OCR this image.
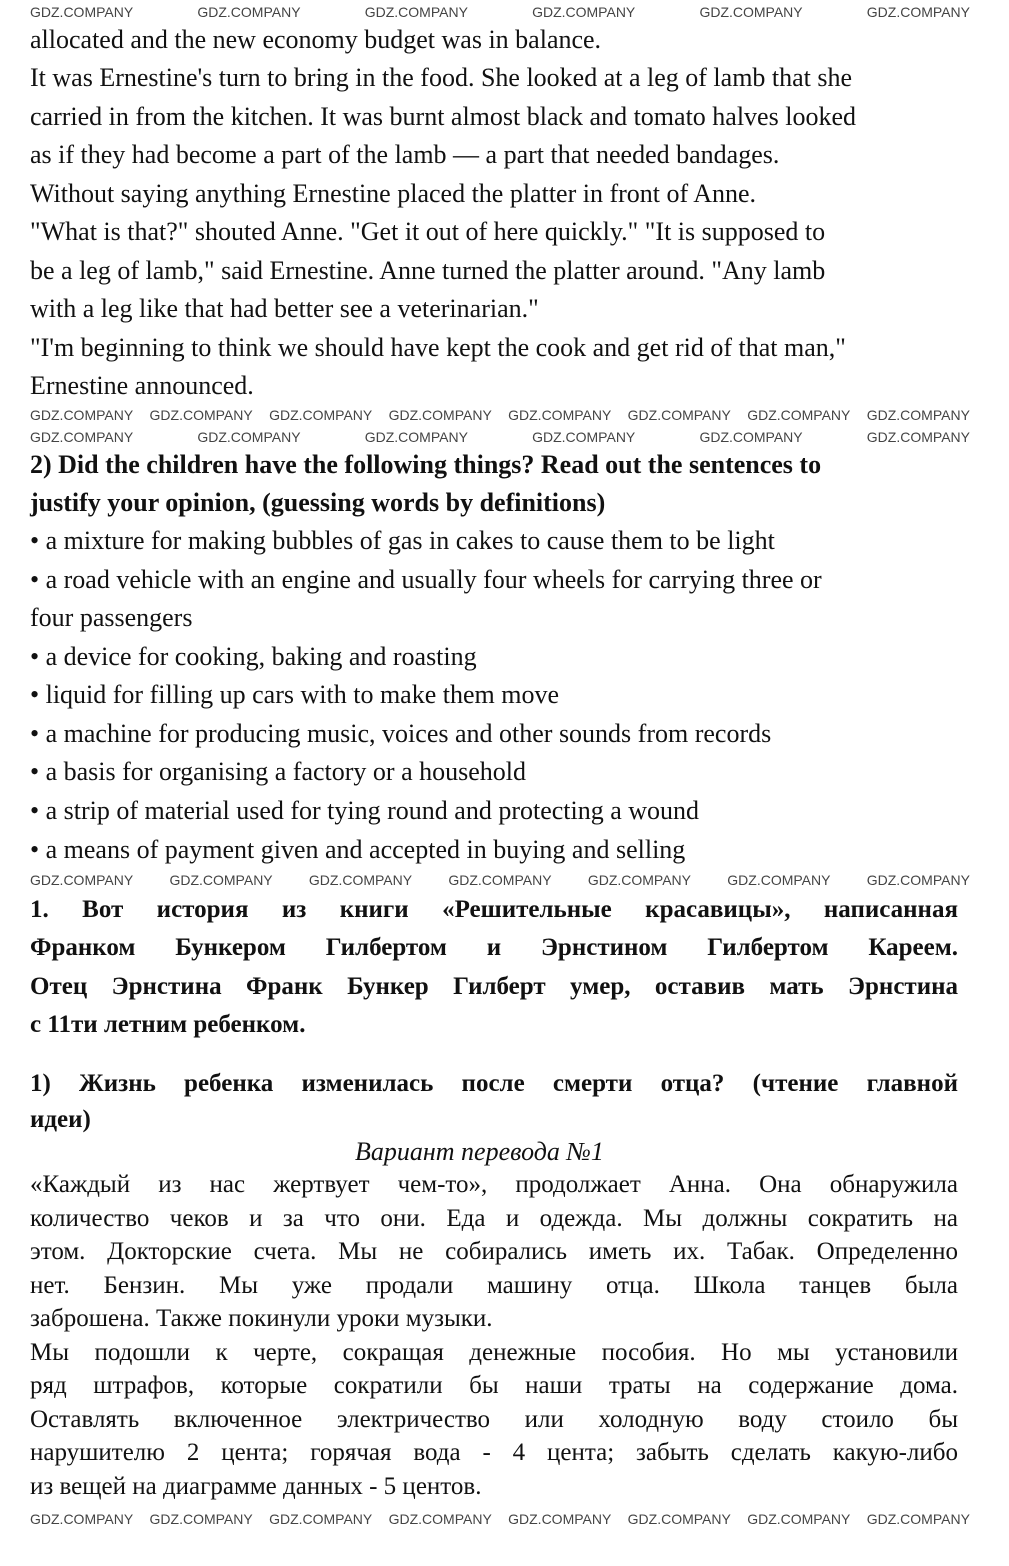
allocated and the new economy budget was in balance.
It was Ernestine's turn to bring in the food. She looked at a leg of lamb that she
carried in from the kitchen. It was burnt almost black and tomato halves looked
as if they had become a part of the lamb — a part that needed bandages.
Without saying anything Ernestine placed the platter in front of Anne.
"What is that?" shouted Anne. "Get it out of here quickly." "It is supposed to
be a leg of lamb," said Ernestine. Anne turned the platter around. "Any lamb
with a leg like that had better see a veterinarian."
"I'm beginning to think we should have kept the cook and get rid of that man,"
Ernestine announced.
2) Did the children have the following things? Read out the sentences to
justify your opinion, (guessing words by definitions)
• a mixture for making bubbles of gas in cakes to cause them to be light
• a road vehicle with an engine and usually four wheels for carrying three or
four passengers
• a device for cooking, baking and roasting
• liquid for filling up cars with to make them move
• a machine for producing music, voices and other sounds from records
• a basis for organising a factory or a household
• a strip of material used for tying round and protecting a wound
• a means of payment given and accepted in buying and selling
1. Вот история из книги «Решительные красавицы», написанная
Франком Бункером Гилбертом и Эрнстином Гилбертом Кареем.
Отец Эрнстина Франк Бункер Гилберт умер, оставив мать Эрнстина
с 11ти летним ребенком.
1) Жизнь ребенка изменилась после смерти отца? (чтение главной
идеи)
Вариант перевода №1
«Каждый из нас жертвует чем-то», продолжает Анна. Она обнаружила
количество чеков и за что они. Еда и одежда. Мы должны сократить на
этом. Докторские счета. Мы не собирались иметь их. Табак. Определенно
нет. Бензин. Мы уже продали машину отца. Школа танцев была
заброшена. Также покинули уроки музыки.
Мы подошли к черте, сокращая денежные пособия. Но мы установили
ряд штрафов, которые сократили бы наши траты на содержание дома.
Оставлять включенное электричество или холодную воду стоило бы
нарушителю 2 цента; горячая вода - 4 цента; забыть сделать какую-либо
из вещей на диаграмме данных - 5 центов.
GDZ.COMPANY	GDZ.COMPANY	GDZ.COMPANY	GDZ.COMPANY	GDZ.COMPANY	GDZ.COMPANY
GDZ.COMPANY GDZ.COMPANY GDZ.COMPANY GDZ.COMPANY GDZ.COMPANY GDZ.COMPANY GDZ.COMPANY GDZ.COMPANY
GDZ.COMPANY	GDZ.COMPANY	GDZ.COMPANY	GDZ.COMPANY	GDZ.COMPANY	GDZ.COMPANY
GDZ.COMPANY	GDZ.COMPANY	GDZ.COMPANY	GDZ.COMPANY	GDZ.COMPANY	GDZ.COMPANY	GDZ.COMPANY
GDZ.COMPANY GDZ.COMPANY GDZ.COMPANY GDZ.COMPANY GDZ.COMPANY GDZ.COMPANY GDZ.COMPANY GDZ.COMPANY
